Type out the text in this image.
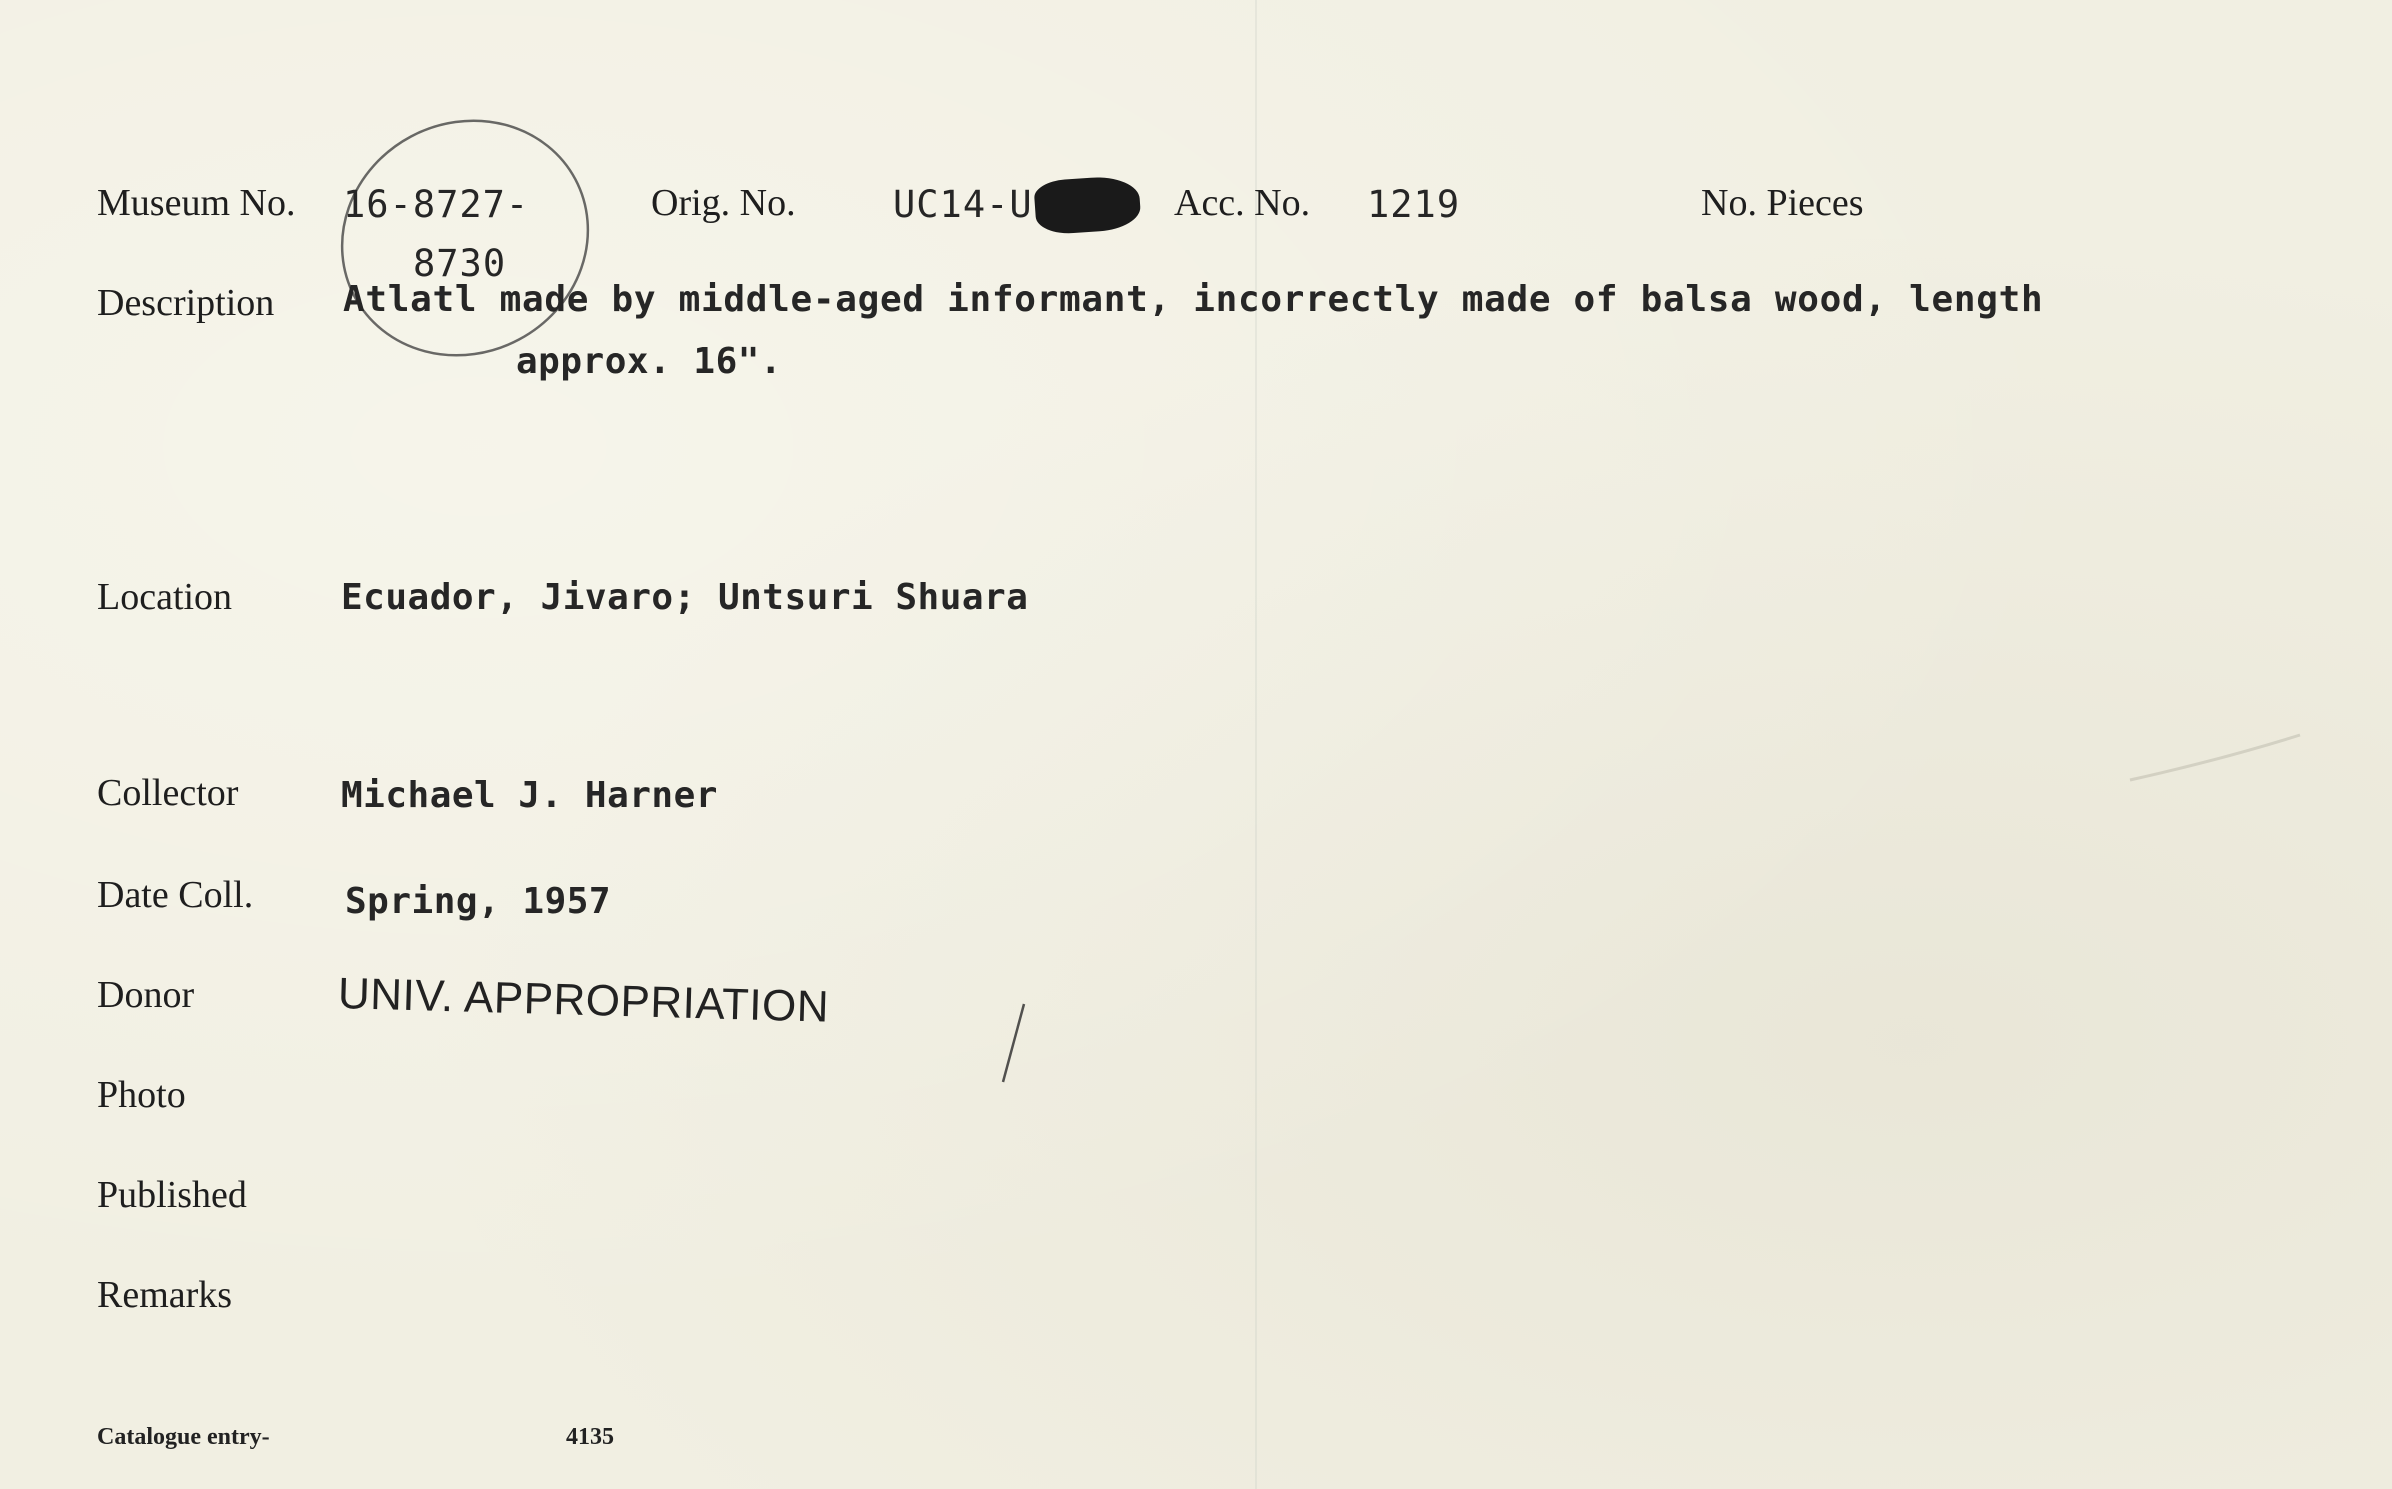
Museum No. 16-8727-
8730
Orig. No.	UC14-U	Acc. No. 1219	No. Pieces
Description Atlatl made by middle-aged informant, incorrectly made of balsa wood, length
approx. 16".
Location	Ecuador, Jivaro; Untsuri Shuara
Collector	Michael J. Harner
Date Coll.	Spring, 1957
Donor	UNIV. APPROPRIATION
Photo
Published
Remarks
Catalogue entry-	4135
